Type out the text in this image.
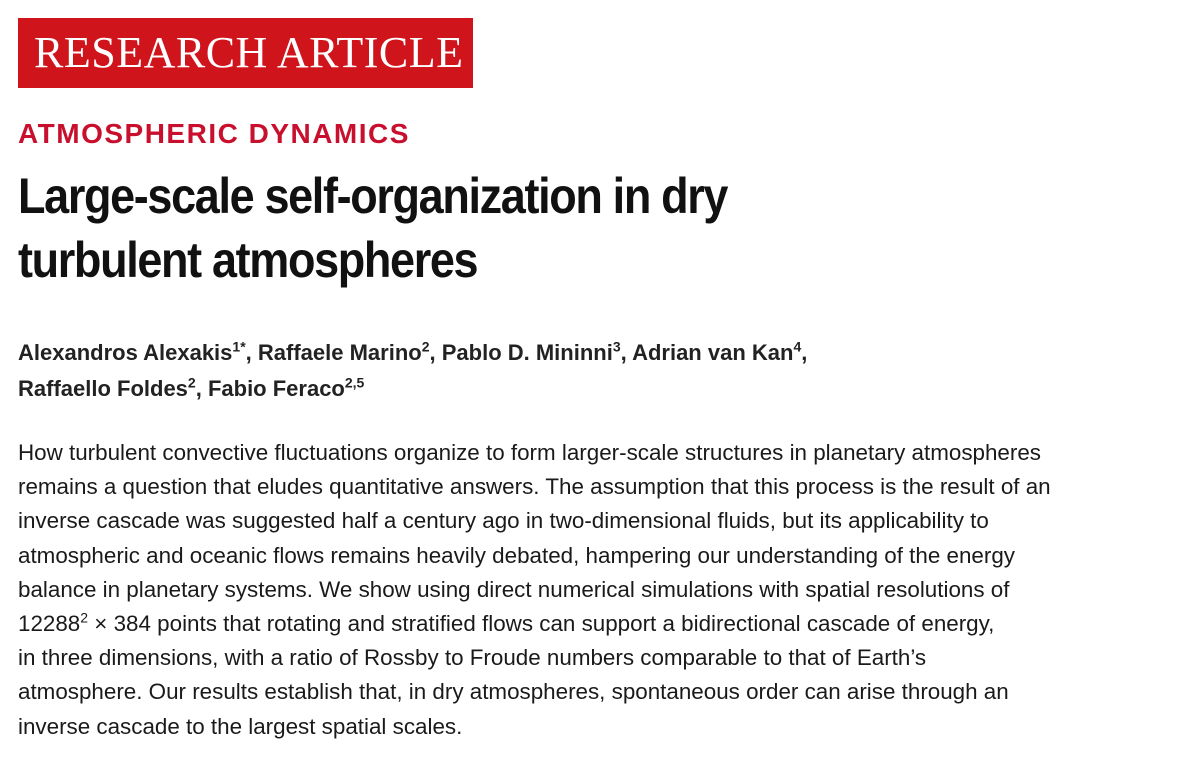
RESEARCH ARTICLE
ATMOSPHERIC DYNAMICS
Large-scale self-organization in dry
turbulent atmospheres
Alexandros Alexakis$^{1*}$, Raffaele Marino$^2$, Pablo D. Mininni$^3$, Adrian van Kan$^4$,
Raffaello Foldes$^2$, Fabio Feraco$^{2,5}$
How turbulent convective fluctuations organize to form larger-scale structures in planetary atmospheres
remains a question that eludes quantitative answers. The assumption that this process is the result of an
inverse cascade was suggested half a century ago in two-dimensional fluids, but its applicability to
atmospheric and oceanic flows remains heavily debated, hampering our understanding of the energy
balance in planetary systems. We show using direct numerical simulations with spatial resolutions of
$12288^2 \times 384$ points that rotating and stratified flows can support a bidirectional cascade of energy,
in three dimensions, with a ratio of Rossby to Froude numbers comparable to that of Earth’s
atmosphere. Our results establish that, in dry atmospheres, spontaneous order can arise through an
inverse cascade to the largest spatial scales.
